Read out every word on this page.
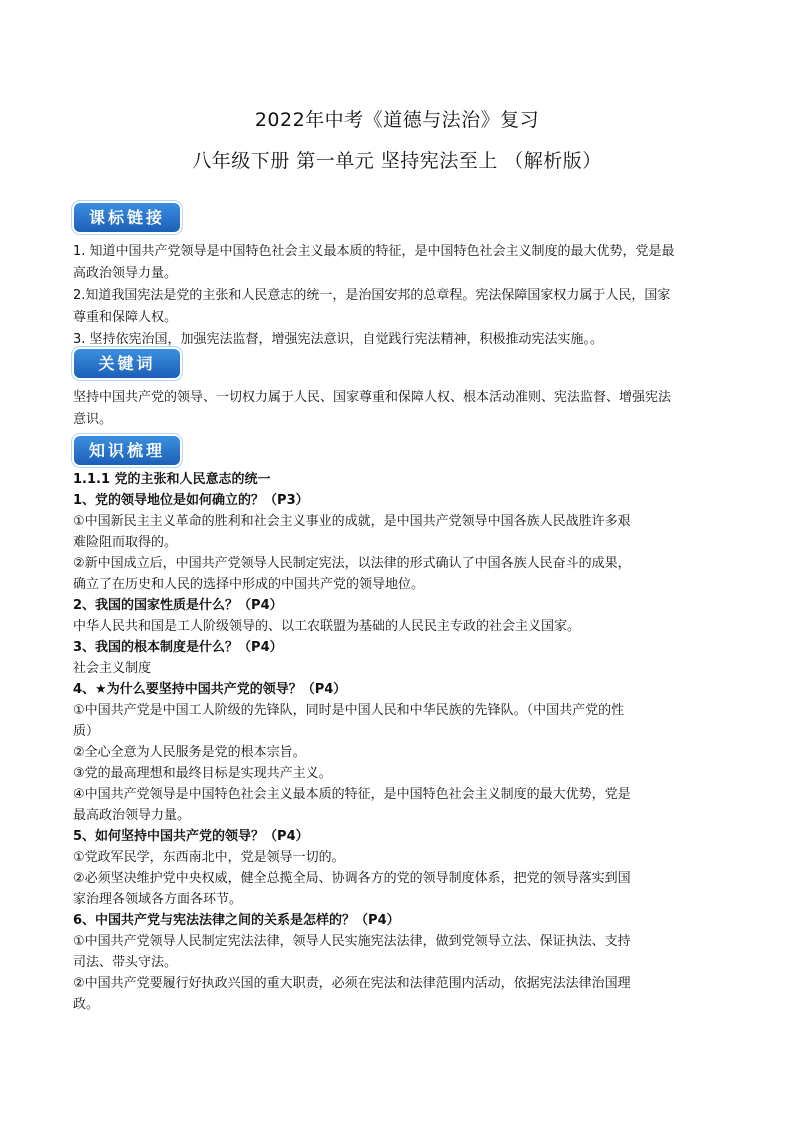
2022年中考《道德与法治》复习
八年级下册 第一单元 坚持宪法至上 （解析版）
课标链接

1. 知道中国共产党领导是中国特色社会主义最本质的特征，是中国特色社会主义制度的最大优势，党是最

高政治领导力量。

2.知道我国宪法是党的主张和人民意志的统一，是治国安邦的总章程。宪法保障国家权力属于人民，国家

尊重和保障人权。

3. 坚持依宪治国，加强宪法监督，增强宪法意识，自觉践行宪法精神，积极推动宪法实施。。

关键词

坚持中国共产党的领导、一切权力属于人民、国家尊重和保障人权、根本活动准则、宪法监督、增强宪法

意识。

知识梳理

1.1.1 党的主张和人民意志的统一

1、党的领导地位是如何确立的？（P3）

①中国新民主主义革命的胜利和社会主义事业的成就，是中国共产党领导中国各族人民战胜许多艰

难险阻而取得的。

②新中国成立后，中国共产党领导人民制定宪法，以法律的形式确认了中国各族人民奋斗的成果，

确立了在历史和人民的选择中形成的中国共产党的领导地位。

2、我国的国家性质是什么？（P4）

中华人民共和国是工人阶级领导的、以工农联盟为基础的人民民主专政的社会主义国家。

3、我国的根本制度是什么？（P4）

社会主义制度

4、★为什么要坚持中国共产党的领导？（P4）

①中国共产党是中国工人阶级的先锋队，同时是中国人民和中华民族的先锋队。（中国共产党的性

质）

②全心全意为人民服务是党的根本宗旨。

③党的最高理想和最终目标是实现共产主义。

④中国共产党领导是中国特色社会主义最本质的特征，是中国特色社会主义制度的最大优势，党是

最高政治领导力量。

5、如何坚持中国共产党的领导？（P4）

①党政军民学，东西南北中，党是领导一切的。

②必须坚决维护党中央权威，健全总揽全局、协调各方的党的领导制度体系，把党的领导落实到国

家治理各领域各方面各环节。

6、中国共产党与宪法法律之间的关系是怎样的？（P4）

①中国共产党领导人民制定宪法法律，领导人民实施宪法法律，做到党领导立法、保证执法、支持

司法、带头守法。

②中国共产党要履行好执政兴国的重大职责，必须在宪法和法律范围内活动，依据宪法法律治国理

政。
